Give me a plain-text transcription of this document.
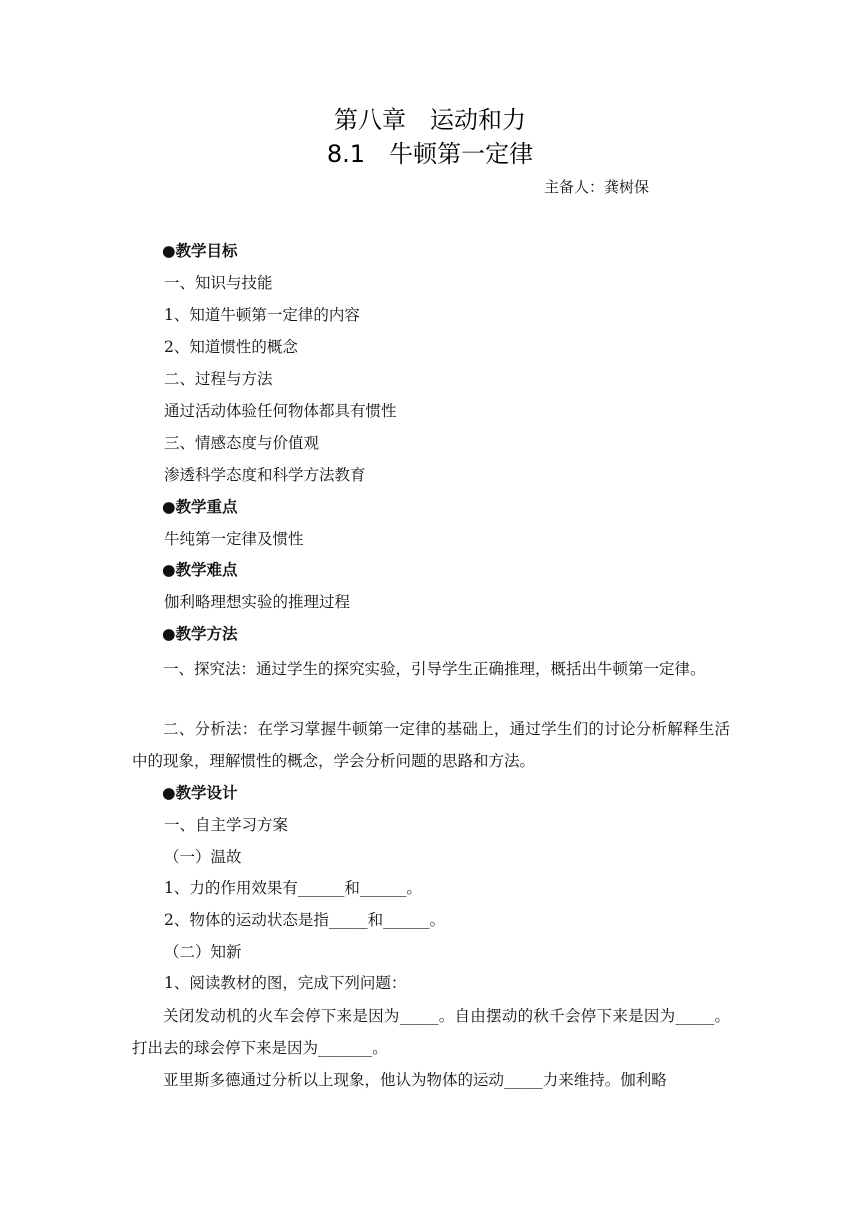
第八章　运动和力
8.1　牛顿第一定律
主备人：龚树保
●教学目标
一、知识与技能
1、知道牛顿第一定律的内容
2、知道惯性的概念
二、过程与方法
通过活动体验任何物体都具有惯性
三、情感态度与价值观
渗透科学态度和科学方法教育
●教学重点
牛纯第一定律及惯性
●教学难点
伽利略理想实验的推理过程
●教学方法
一、探究法：通过学生的探究实验，引导学生正确推理，概括出牛顿第一定律。
二、分析法：在学习掌握牛顿第一定律的基础上，通过学生们的讨论分析解释生活中的现象，理解惯性的概念，学会分析问题的思路和方法。
●教学设计
一、自主学习方案
（一）温故
1、力的作用效果有______和______。
2、物体的运动状态是指_____和______。
（二）知新
1、阅读教材的图，完成下列问题：
关闭发动机的火车会停下来是因为_____。自由摆动的秋千会停下来是因为_____。打出去的球会停下来是因为_______。
亚里斯多德通过分析以上现象，他认为物体的运动_____力来维持。伽利略
